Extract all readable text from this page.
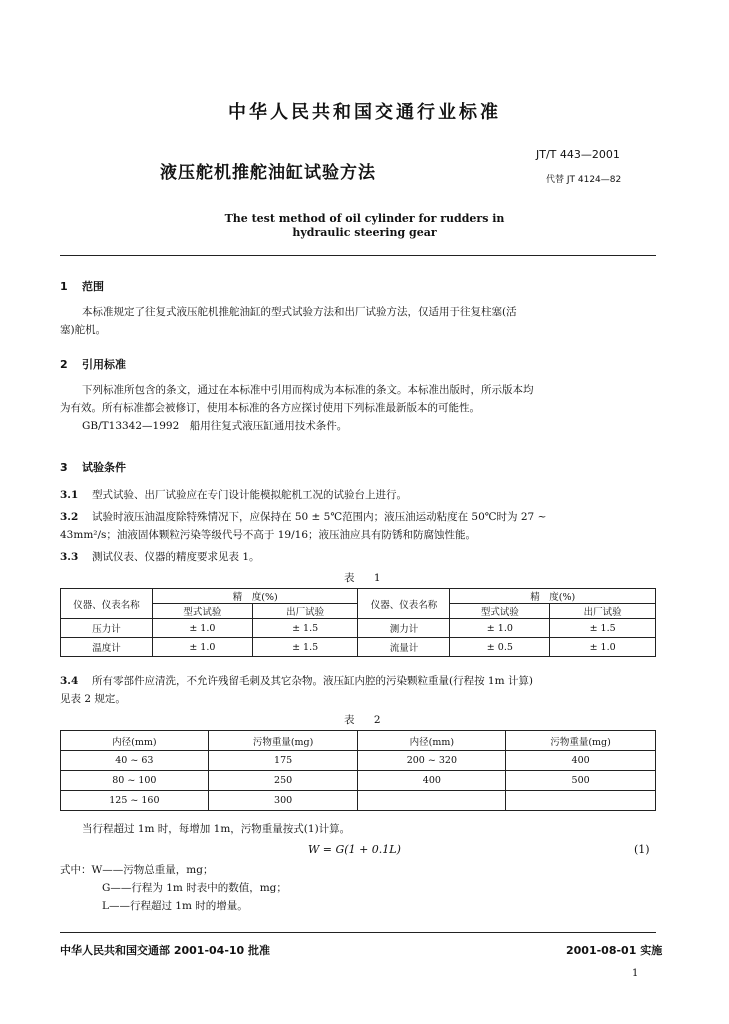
中华人民共和国交通行业标准
JT/T 443—2001
液压舵机推舵油缸试验方法	代替 JT 4124—82
The test method of oil cylinder for rudders in
hydraulic steering gear
1 范围
本标准规定了往复式液压舵机推舵油缸的型式试验方法和出厂试验方法，仅适用于往复柱塞(活
塞)舵机。
2 引用标准
下列标准所包含的条文，通过在本标准中引用而构成为本标准的条文。本标准出版时，所示版本均
为有效。所有标准都会被修订，使用本标准的各方应探讨使用下列标准最新版本的可能性。
GB/T13342—1992　船用往复式液压缸通用技术条件。
3 试验条件
3.1 型式试验、出厂试验应在专门设计能模拟舵机工况的试验台上进行。
3.2 试验时液压油温度除特殊情况下，应保持在 50 ± 5℃范围内；液压油运动粘度在 50℃时为 27 ~
43mm²/s；油液固体颗粒污染等级代号不高于 19/16；液压油应具有防锈和防腐蚀性能。
3.3 测试仪表、仪器的精度要求见表 1。
表 1
仪器、仪表名称	精　度(%)		仪器、仪表名称	精　度(%)	
	型式试验	出厂试验		型式试验	出厂试验
压力计	± 1.0	± 1.5	测力计	± 1.0	± 1.5
温度计	± 1.0	± 1.5	流量计	± 0.5	± 1.0
3.4 所有零部件应清洗，不允许残留毛刺及其它杂物。液压缸内腔的污染颗粒重量(行程按 1m 计算)
见表 2 规定。
表 2
内径(mm)	污物重量(mg)	内径(mm)	污物重量(mg)
40 ~ 63	175	200 ~ 320	400
80 ~ 100	250	400	500
125 ~ 160	300		
当行程超过 1m 时，每增加 1m，污物重量按式(1)计算。
W = G(1 + 0.1L)	(1)
式中：W——污物总重量，mg；
G——行程为 1m 时表中的数值，mg；
L——行程超过 1m 时的增量。
中华人民共和国交通部 2001-04-10 批准	2001-08-01 实施
1
